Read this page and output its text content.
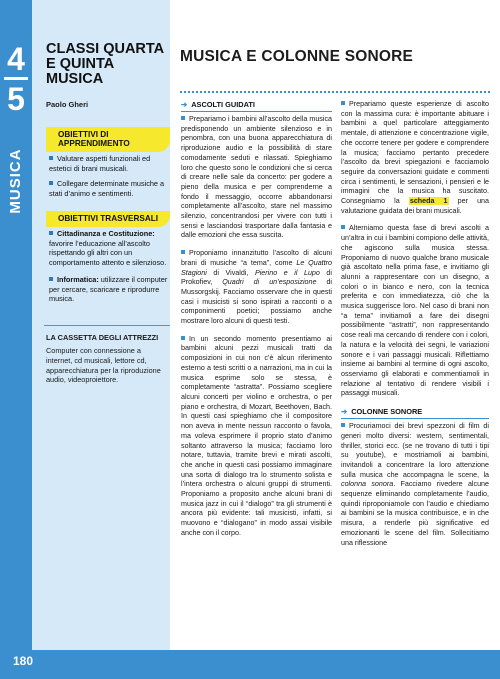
4
5
MUSICA
180
CLASSI QUARTA E QUINTA MUSICA
Paolo Gheri
OBIETTIVI DI APPRENDIMENTO
Valutare aspetti funzionali ed estetici di brani musicali.
Collegare determinate musiche a stati d’animo e sentimenti.
OBIETTIVI TRASVERSALI
Cittadinanza e Costituzione: favorire l’educazione all’ascolto rispettando gli altri con un comportamento attento e silenzioso.
Informatica: utilizzare il computer per cercare, scaricare e riprodurre musica.
LA CASSETTA DEGLI ATTREZZI
Computer con connessione a internet, cd musicali, lettore cd, apparecchiatura per la riproduzione audio, videoproiettore.
MUSICA E COLONNE SONORE
➔ ASCOLTI GUIDATI

Prepariamo i bambini all’ascolto della musica predisponendo un ambiente silenzioso e in penombra, con una buona apparecchiatura di riproduzione audio e la possibilità di stare comodamente seduti e rilassati. Spieghiamo loro che questo sono le condizioni che si cerca di creare nelle sale da concerto: per godere a pieno della musica e per comprenderne a fondo il messaggio, occorre abbandonarsi completamente all’ascolto, stare nel massimo silenzio, concentrandosi per vivere con tutti i sensi e lasciandosi trasportare dalla fantasia e dalle emozioni che essa suscita.

Proponiamo innanzitutto l’ascolto di alcuni brani di musiche “a tema”, come Le Quattro Stagioni di Vivaldi, Pierino e il Lupo di Prokofiev, Quadri di un’esposizione di Mussorgskij. Facciamo osservare che in questi casi i musicisti si sono ispirati a racconti o a componimenti poetici; possiamo anche mostrare loro alcuni di questi testi.

In un secondo momento presentiamo ai bambini alcuni pezzi musicali tratti da composizioni in cui non c’è alcun riferimento esterno a testi scritti o a narrazioni, ma in cui la musica esprime solo se stessa, è completamente “astratta”. Possiamo scegliere alcuni concerti per violino e orchestra, o per piano e orchestra, di Mozart, Beethoven, Bach. In questi casi spieghiamo che il compositore non aveva in mente nessun racconto o favola, ma voleva esprimere il proprio stato d’animo soltanto attraverso la musica; facciamo loro notare, tuttavia, tramite brevi e mirati ascolti, che anche in questi casi possiamo immaginare una sorta di dialogo tra lo strumento solista e l’intera orchestra o alcuni gruppi di strumenti. Proponiamo a proposito anche alcuni brani di musica jazz in cui il “dialogo” tra gli strumenti è ancora più evidente: tali musicisti, infatti, si muovono e “dialogano” in modo assai visibile anche con il corpo.

Prepariamo queste esperienze di ascolto con la massima cura: è importante abituare i bambini a quel particolare atteggiamento mentale, di attenzione e concentrazione vigile, che occorre tenere per godere e comprendere la musica; facciamo pertanto precedere l’ascolto da brevi spiegazioni e facciamolo seguire da conversazioni guidate e commenti circa i sentimenti, le sensazioni, i pensieri e le immagini che la musica ha suscitato. Consegniamo la scheda 1 per una valutazione guidata dei brani musicali.

Alterniamo questa fase di brevi ascolti a un’altra in cui i bambini compiono delle attività, che agiscono sulla musica stessa. Proponiamo di nuovo qualche brano musicale già ascoltato nella prima fase, e invitiamo gli alunni a rappresentare con un disegno, a colori o in bianco e nero, con la tecnica preferita e con immediatezza, ciò che la musica suggerisce loro. Nel caso di brani non “a tema” invitiamoli a fare dei disegni possibilmente “astratti”, non rappresentando cose reali ma cercando di rendere con i colori, la natura e la velocità dei segni, le variazioni sonore e i vari passaggi musicali. Riflettiamo insieme ai bambini al termine di ogni ascolto, osserviamo gli elaborati e commentiamoli in relazione al tentativo di rendere visibili i passaggi musicali.

➔ COLONNE SONORE

Procuriamoci dei brevi spezzoni di film di generi molto diversi: western, sentimentali, thriller, storici ecc. (se ne trovano di tutti i tipi su youtube), e mostriamoli ai bambini, invitandoli a concentrare la loro attenzione sulla musica che accompagna le scene, la colonna sonora. Facciamo rivedere alcune sequenze eliminando completamente l’audio, quindi riproponiamole con l’audio e chiediamo ai bambini se la musica contribuisce, e in che misura, a renderle più significative ed emozionanti le scene del film. Sollecitiamo una riflessione
